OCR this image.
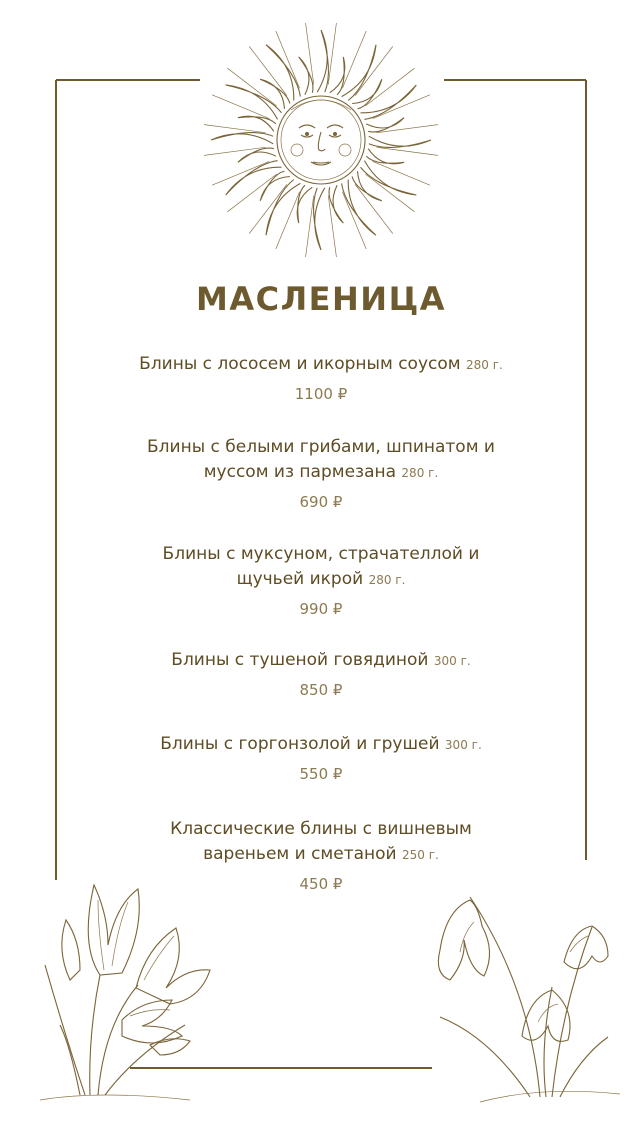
МАСЛЕНИЦА
Блины с лососем и икорным соусом 280 г.
1100 ₽
Блины с белыми грибами, шпинатом и муссом из пармезана 280 г.
690 ₽
Блины с муксуном, страчателлой и щучьей икрой 280 г.
990 ₽
Блины с тушеной говядиной 300 г.
850 ₽
Блины с горгонзолой и грушей 300 г.
550 ₽
Классические блины с вишневым вареньем и сметаной 250 г.
450 ₽
